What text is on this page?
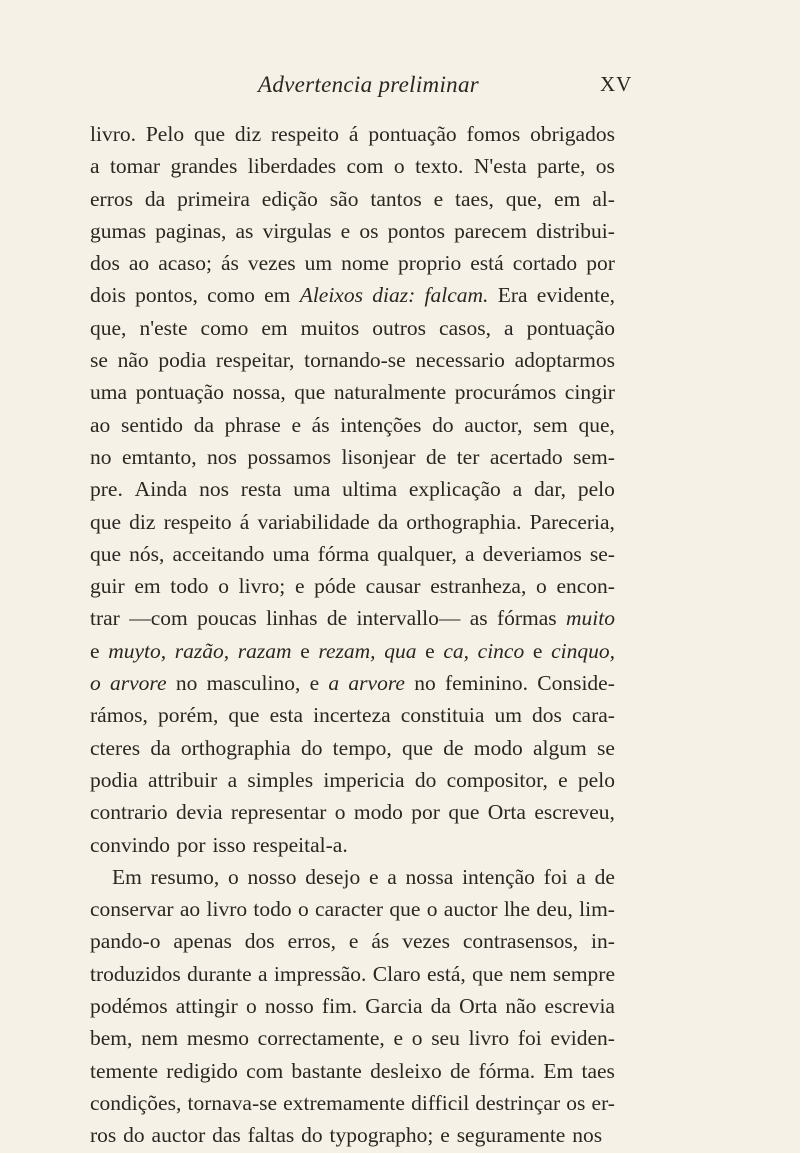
Advertencia preliminar	XV
livro. Pelo que diz respeito á pontuação fomos obrigados
a tomar grandes liberdades com o texto. N'esta parte, os
erros da primeira edição são tantos e taes, que, em al-
gumas paginas, as virgulas e os pontos parecem distribui-
dos ao acaso; ás vezes um nome proprio está cortado por
dois pontos, como em Aleixos diaz: falcam. Era evidente,
que, n'este como em muitos outros casos, a pontuação
se não podia respeitar, tornando-se necessario adoptarmos
uma pontuação nossa, que naturalmente procurámos cingir
ao sentido da phrase e ás intenções do auctor, sem que,
no emtanto, nos possamos lisonjear de ter acertado sem-
pre. Ainda nos resta uma ultima explicação a dar, pelo
que diz respeito á variabilidade da orthographia. Pareceria,
que nós, acceitando uma fórma qualquer, a deveriamos se-
guir em todo o livro; e póde causar estranheza, o encon-
trar —com poucas linhas de intervallo— as fórmas muito
e muyto, razão, razam e rezam, qua e ca, cinco e cinquo,
o arvore no masculino, e a arvore no feminino. Conside-
rámos, porém, que esta incerteza constituia um dos cara-
cteres da orthographia do tempo, que de modo algum se
podia attribuir a simples impericia do compositor, e pelo
contrario devia representar o modo por que Orta escreveu,
convindo por isso respeital-a.
Em resumo, o nosso desejo e a nossa intenção foi a de
conservar ao livro todo o caracter que o auctor lhe deu, lim-
pando-o apenas dos erros, e ás vezes contrasensos, in-
troduzidos durante a impressão. Claro está, que nem sempre
podémos attingir o nosso fim. Garcia da Orta não escrevia
bem, nem mesmo correctamente, e o seu livro foi eviden-
temente redigido com bastante desleixo de fórma. Em taes
condições, tornava-se extremamente difficil destrinçar os er-
ros do auctor das faltas do typographo; e seguramente nos
